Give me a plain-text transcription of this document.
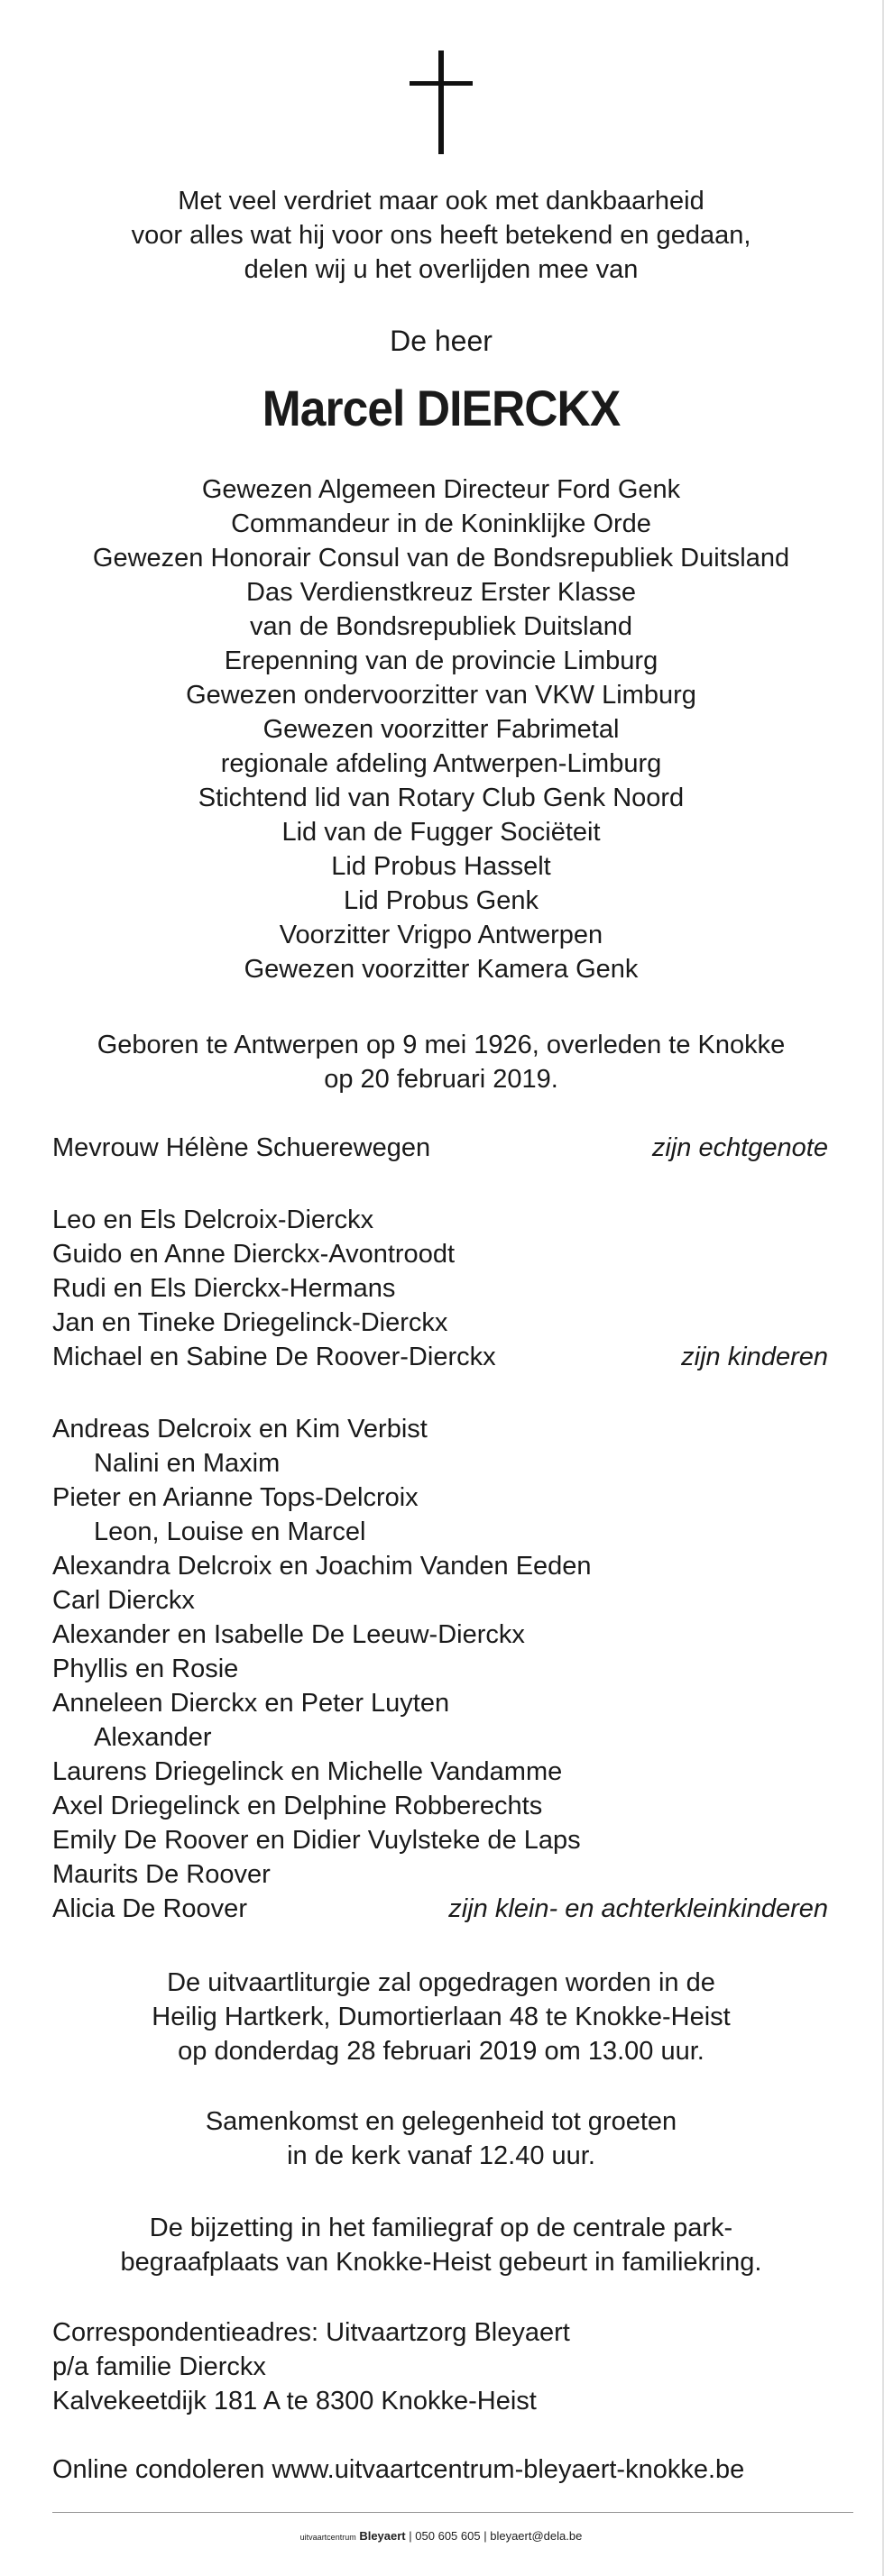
Met veel verdriet maar ook met dankbaarheid
voor alles wat hij voor ons heeft betekend en gedaan,
delen wij u het overlijden mee van
De heer
Marcel DIERCKX
Gewezen Algemeen Directeur Ford Genk
Commandeur in de Koninklijke Orde
Gewezen Honorair Consul van de Bondsrepubliek Duitsland
Das Verdienstkreuz Erster Klasse
van de Bondsrepubliek Duitsland
Erepenning van de provincie Limburg
Gewezen ondervoorzitter van VKW Limburg
Gewezen voorzitter Fabrimetal
regionale afdeling Antwerpen-Limburg
Stichtend lid van Rotary Club Genk Noord
Lid van de Fugger Sociëteit
Lid Probus Hasselt
Lid Probus Genk
Voorzitter Vrigpo Antwerpen
Gewezen voorzitter Kamera Genk
Geboren te Antwerpen op 9 mei 1926, overleden te Knokke
op 20 februari 2019.
Mevrouw Hélène Schuerewegen	zijn echtgenote
Leo en Els Delcroix-Dierckx
Guido en Anne Dierckx-Avontroodt
Rudi en Els Dierckx-Hermans
Jan en Tineke Driegelinck-Dierckx
Michael en Sabine De Roover-Dierckx	zijn kinderen
Andreas Delcroix en Kim Verbist
Nalini en Maxim
Pieter en Arianne Tops-Delcroix
Leon, Louise en Marcel
Alexandra Delcroix en Joachim Vanden Eeden
Carl Dierckx
Alexander en Isabelle De Leeuw-Dierckx
Phyllis en Rosie
Anneleen Dierckx en Peter Luyten
Alexander
Laurens Driegelinck en Michelle Vandamme
Axel Driegelinck en Delphine Robberechts
Emily De Roover en Didier Vuylsteke de Laps
Maurits De Roover
Alicia De Roover	zijn klein- en achterkleinkinderen
De uitvaartliturgie zal opgedragen worden in de
Heilig Hartkerk, Dumortierlaan 48 te Knokke-Heist
op donderdag 28 februari 2019 om 13.00 uur.
Samenkomst en gelegenheid tot groeten
in de kerk vanaf 12.40 uur.
De bijzetting in het familiegraf op de centrale park-
begraafplaats van Knokke-Heist gebeurt in familiekring.
Correspondentieadres: Uitvaartzorg Bleyaert
p/a familie Dierckx
Kalvekeetdijk 181 A te 8300 Knokke-Heist
Online condoleren www.uitvaartcentrum-bleyaert-knokke.be
uitvaartcentrum Bleyaert | 050 605 605 | bleyaert@dela.be
